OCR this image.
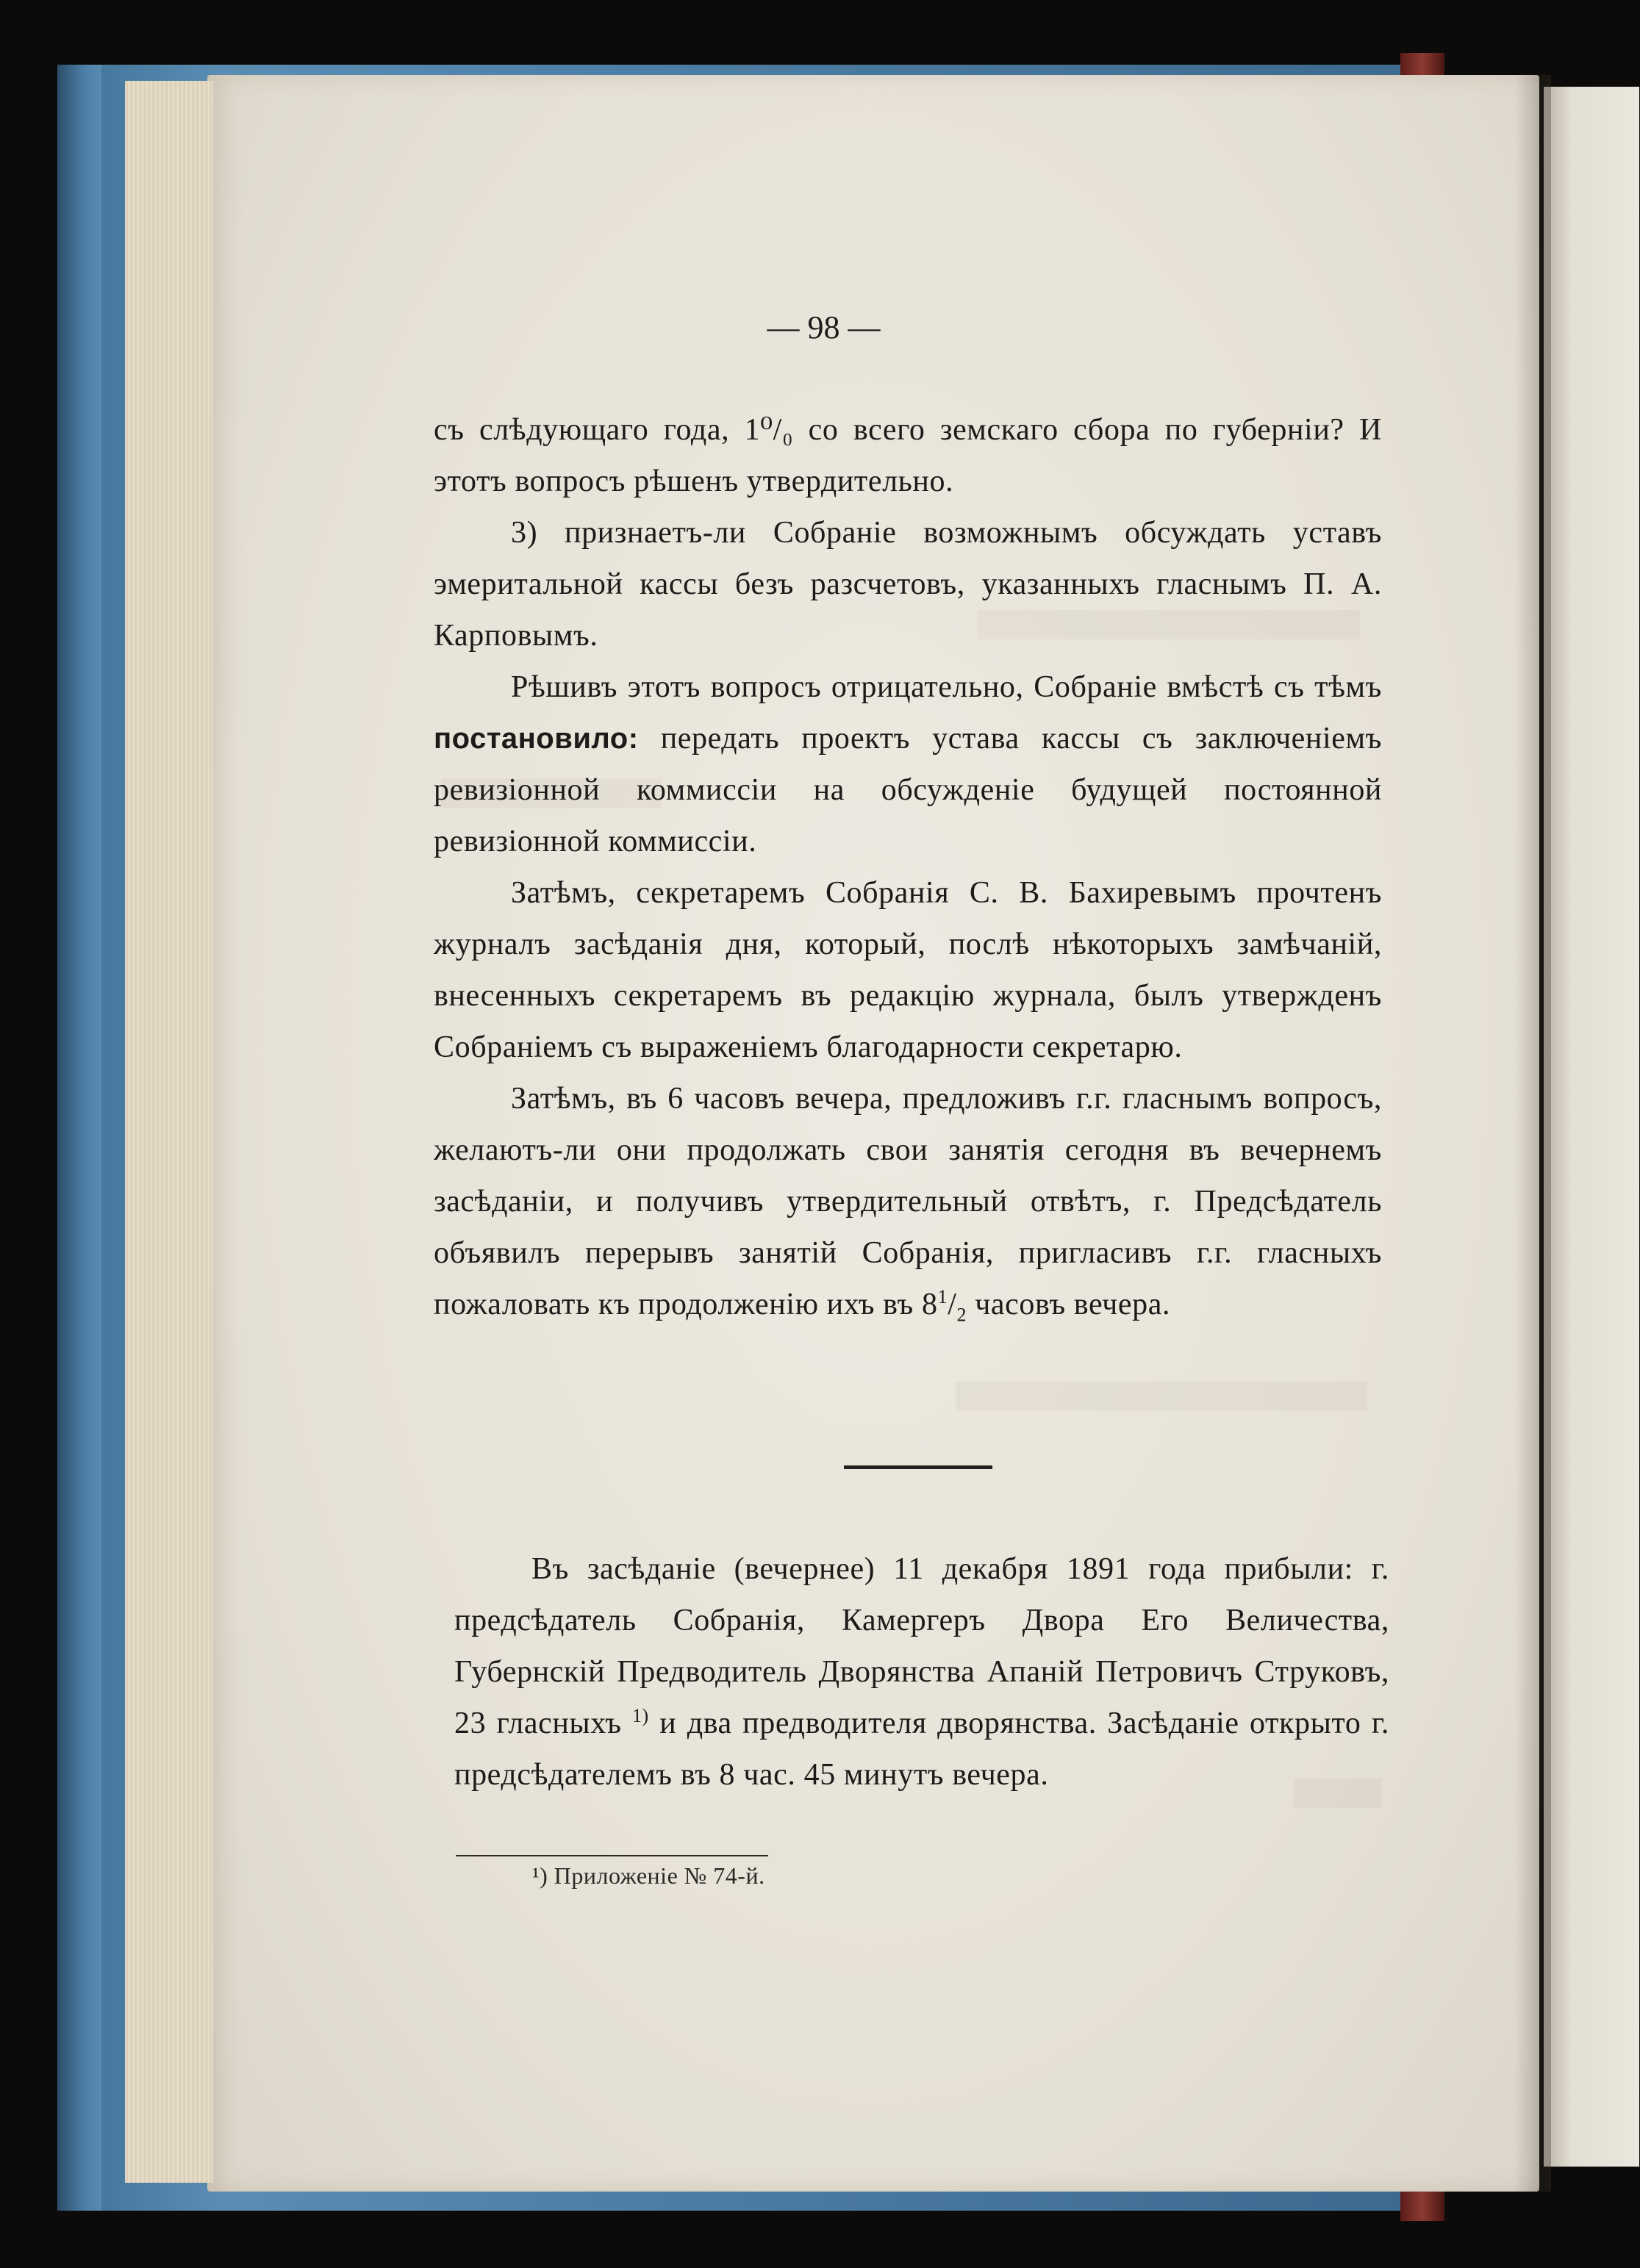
— 98 —

съ слѣдующаго года, 1⁰/₀ со всего земскаго сбора по губерніи? И этотъ вопросъ рѣшенъ утвердительно.

3) признаетъ-ли Собраніе возможнымъ обсуждать уставъ эмеритальной кассы безъ разсчетовъ, указанныхъ гласнымъ П. А. Карповымъ.

Рѣшивъ этотъ вопросъ отрицательно, Собраніе вмѣстѣ съ тѣмъ постановило: передать проектъ устава кассы съ заключеніемъ ревизіонной коммиссіи на обсужденіе будущей постоянной ревизіонной коммиссіи.

Затѣмъ, секретаремъ Собранія С. В. Бахиревымъ прочтенъ журналъ засѣданія дня, который, послѣ нѣкоторыхъ замѣчаній, внесенныхъ секретаремъ въ редакцію журнала, былъ утвержденъ Собраніемъ съ выраженіемъ благодарности секретарю.

Затѣмъ, въ 6 часовъ вечера, предложивъ г.г. гласнымъ вопросъ, желаютъ-ли они продолжать свои занятія сегодня въ вечернемъ засѣданіи, и получивъ утвердительный отвѣтъ, г. Предсѣдатель объявилъ перерывъ занятій Собранія, пригласивъ г.г. гласныхъ пожаловать къ продолженію ихъ въ $8^1/_2$ часовъ вечера.

Въ засѣданіе (вечернее) 11 декабря 1891 года прибыли: г. предсѣдатель Собранія, Камергеръ Двора Его Величества, Губернскій Предводитель Дворянства Апаній Петровичъ Струковъ, 23 гласныхъ $^{1)}$ и два предводителя дворянства. Засѣданіе открыто г. предсѣдателемъ въ 8 час. 45 минутъ вечера.

¹) Приложеніе № 74-й.
